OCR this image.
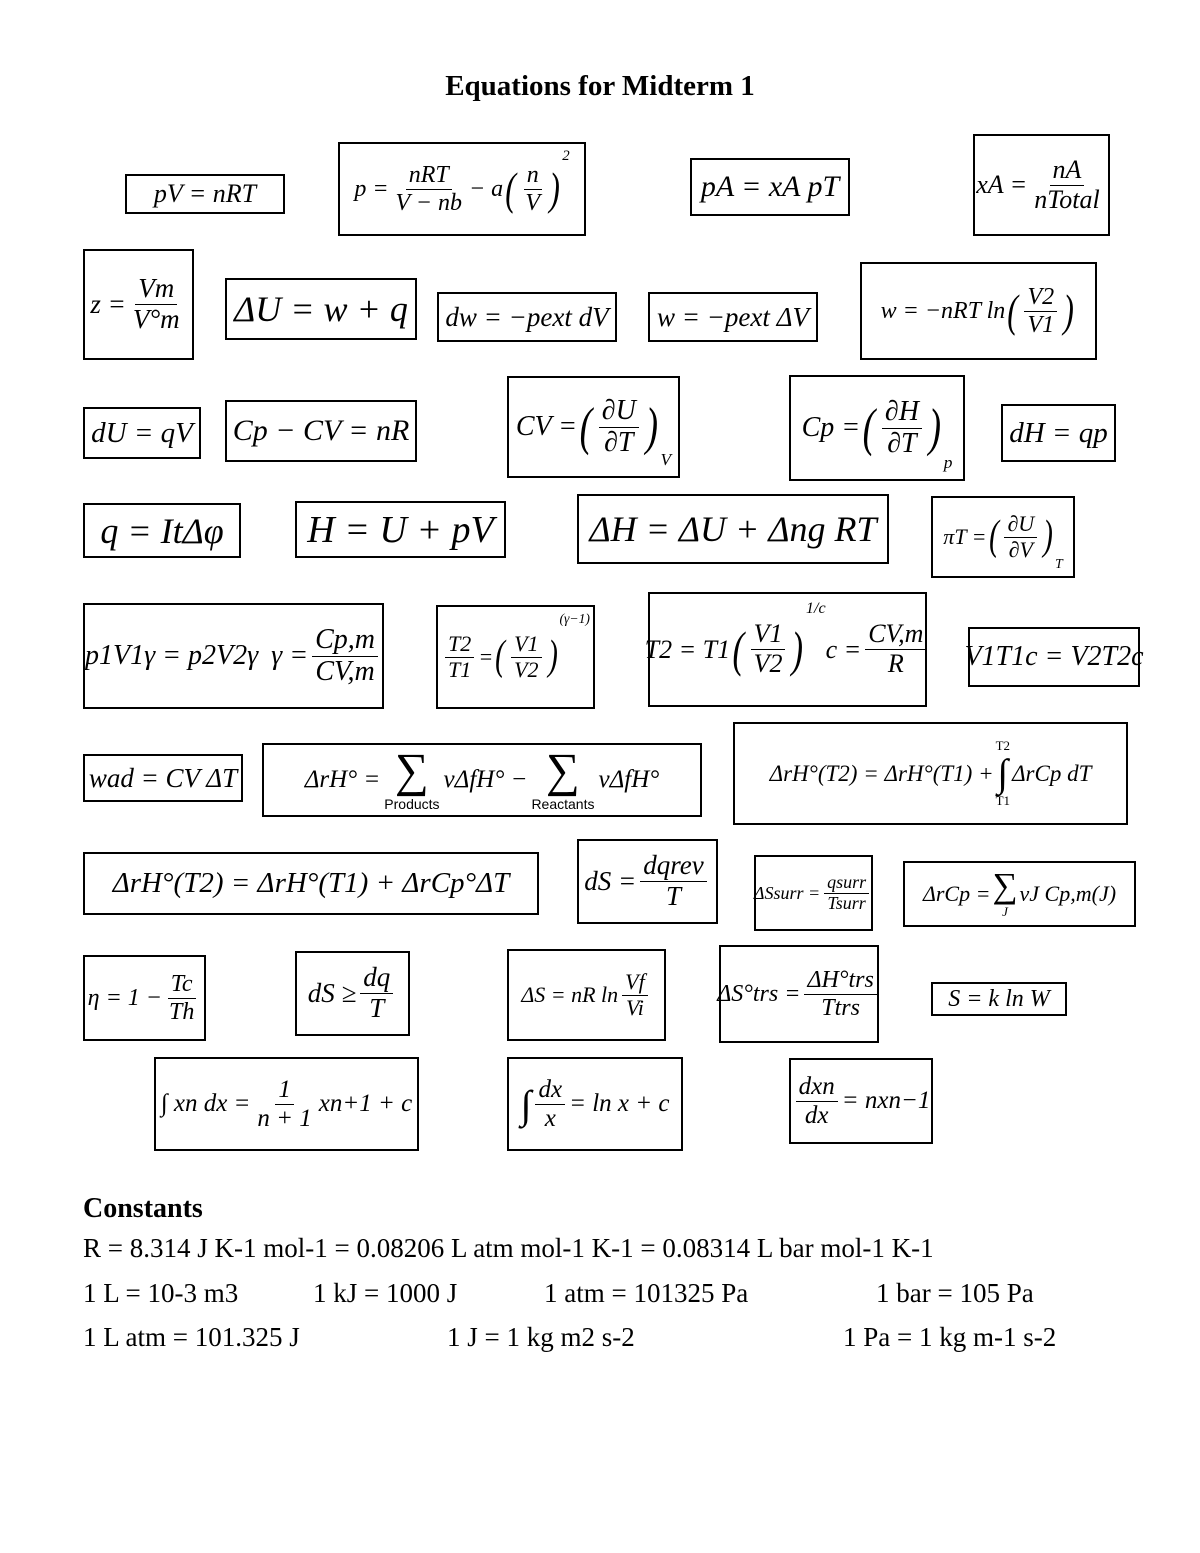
Equations for Midterm 1
pV = nRT	$p = \frac{\text{nRT}}{V - nb} - a$ ( $\frac{n}{V}$ )
2
pA = xA pT	xA = $\frac{nA}{\text{nTotal}}$
$z = \frac{Vm}{V^\circ m}$ ΔU = w + q dw = −pext dV w = −pext ΔV	w = −nRT ln ( $\frac{V2}{V1}$ )
dU = qV Cp − CV = nR	CV = ( $\frac{\partial U}{\partial T}$ )
$_V$
Cp = ( $\frac{\partial H}{\partial T}$ )
$_p$
dH = qp
q = ItΔφ H = U + pV	ΔH = ΔU + Δng RT	πT = ( $\frac{\partial U}{\partial V}$ )
$_T$
p1V1γ = p2V2γ $\gamma = \frac{Cp,m}{CV,m}$	$\frac{T2}{T1}$ = ( $\frac{V1}{V2}$ )
(γ−1)
T2 = T1 ( $\frac{V1}{V2}$ )
1/c
$c = \frac{CV,m}{R} V1T1c = V2T2c$
wad = CV ΔT	ΔrH° = ∑
Products
vΔfH° − ∑
Reactants
vΔfH°	ΔrH°(T2) = ΔrH°(T1) +
T2
∫
T1
ΔrCp dT
ΔrH°(T2) = ΔrH°(T1) + ΔrCp°ΔT	dS = $\frac{\text{dqrev}}{T}$	ΔSsurr = $\frac{\text{qsurr}}{\text{Tsurr}}$ ΔrCp = ∑
J
vJ Cp,m(J)
$\eta = 1 - \frac{Tc}{Th}$	dS ≥ $\frac{dq}{T}$	ΔS = nR $\ln \frac{Vf}{Vi}$	$\Delta S^\circ trs = \frac{\text{ΔH°trs}}{\text{Ttrs}}$	S = k ln W
∫ xn dx = $\frac{1}{n + 1} xn+1 + c$	∫ $\frac{dx}{x} = \ln x + c$	$\frac{\text{dxn}}{dx} = nxn-1$
Constants
R = 8.314 J K-1 mol-1 = 0.08206 L atm mol-1 K-1 = 0.08314 L bar mol-1 K-1
1 L = 10-3 m3	1 kJ = 1000 J	1 atm = 101325 Pa	1 bar = 105 Pa
1 L atm = 101.325 J	1 J = 1 kg m2 s-2	1 Pa = 1 kg m-1 s-2
